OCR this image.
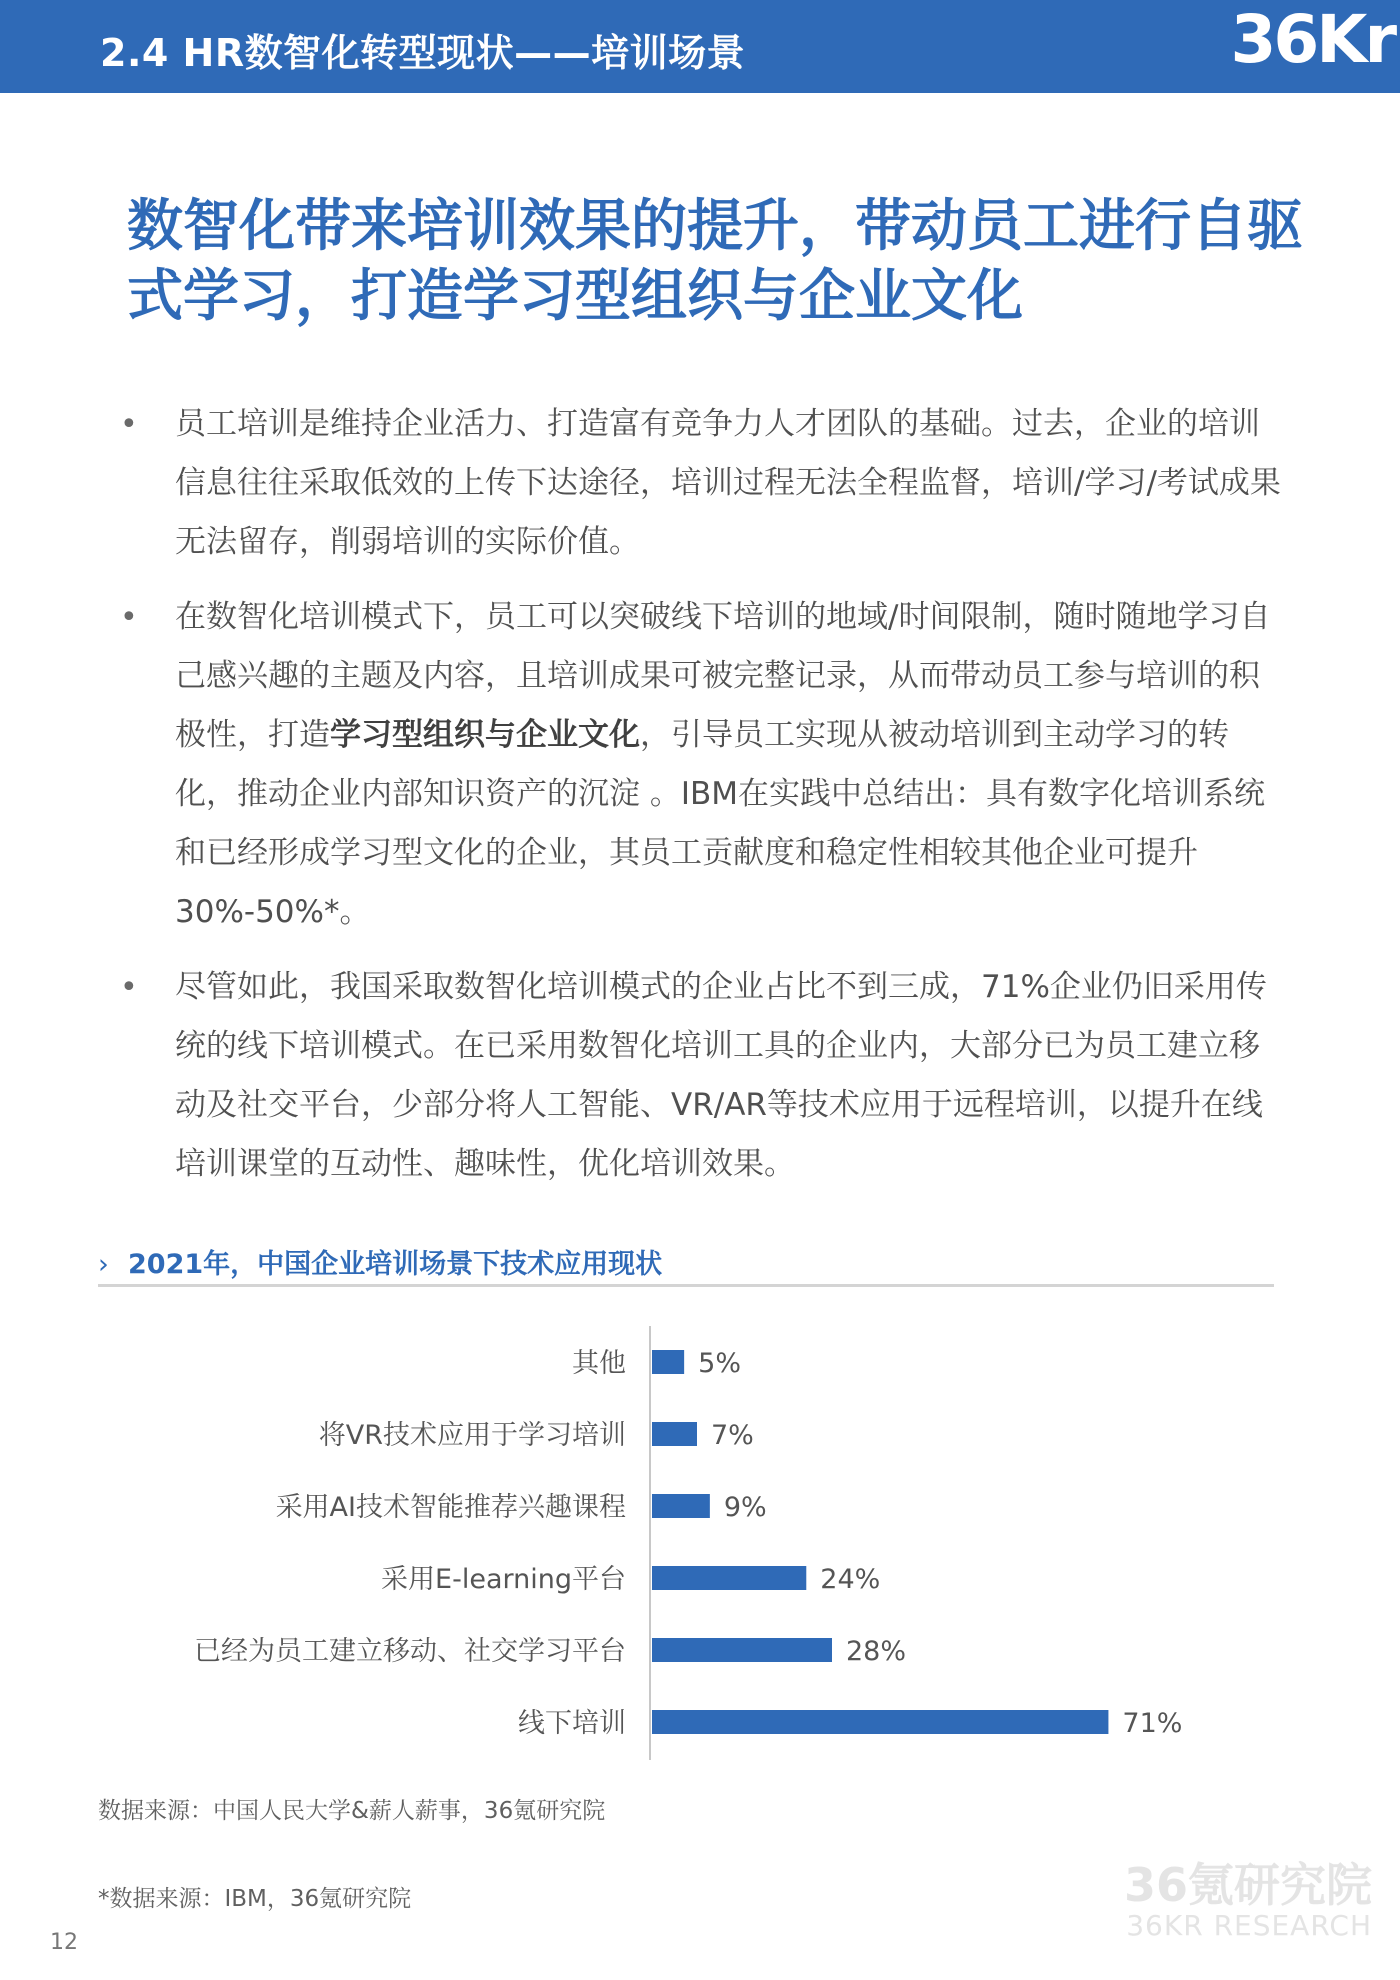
2.4 HR数智化转型现状——培训场景	36Kr
数智化带来培训效果的提升，带动员工进行自驱式学习，打造学习型组织与企业文化
• 员工培训是维持企业活力、打造富有竞争力人才团队的基础。过去，企业的培训信息往往采取低效的上传下达途径，培训过程无法全程监督，培训/学习/考试成果无法留存，削弱培训的实际价值。
• 在数智化培训模式下，员工可以突破线下培训的地域/时间限制，随时随地学习自己感兴趣的主题及内容，且培训成果可被完整记录，从而带动员工参与培训的积极性，打造学习型组织与企业文化，引导员工实现从被动培训到主动学习的转化，推动企业内部知识资产的沉淀 。IBM在实践中总结出：具有数字化培训系统和已经形成学习型文化的企业，其员工贡献度和稳定性相较其他企业可提升30%-50%*。
• 尽管如此，我国采取数智化培训模式的企业占比不到三成，71%企业仍旧采用传统的线下培训模式。在已采用数智化培训工具的企业内，大部分已为员工建立移动及社交平台，少部分将人工智能、VR/AR等技术应用于远程培训，以提升在线培训课堂的互动性、趣味性，优化培训效果。
› 2021年，中国企业培训场景下技术应用现状
其他	5%
将VR技术应用于学习培训	7%
采用AI技术智能推荐兴趣课程	9%
采用E-learning平台	24%
已经为员工建立移动、社交学习平台	28%
线下培训	71%
数据来源：中国人民大学&薪人薪事，36氪研究院
*数据来源：IBM，36氪研究院
12
36氪研究院
36KR RESEARCH
